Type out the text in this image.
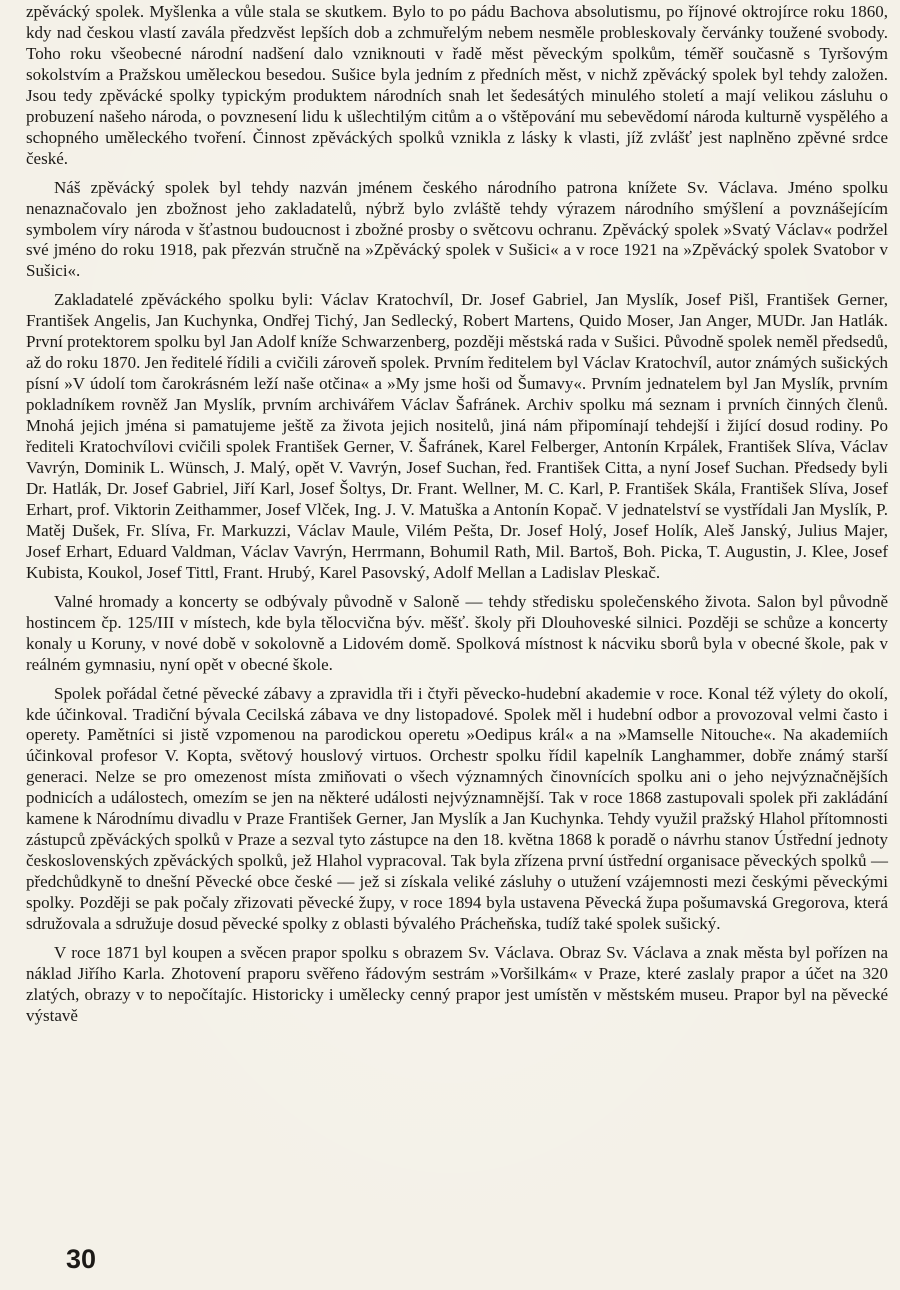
zpěvácký spolek. Myšlenka a vůle stala se skutkem. Bylo to po pádu Bachova absolutismu, po říjnové oktrojírce roku 1860, kdy nad českou vlastí zavála předzvěst lepších dob a zchmuřelým nebem nesměle probleskovaly červánky toužené svobody. Toho roku všeobecné národní nadšení dalo vzniknouti v řadě měst pěveckým spolkům, téměř současně s Tyršovým sokolstvím a Pražskou uměleckou besedou. Sušice byla jedním z předních měst, v nichž zpěvácký spolek byl tehdy založen. Jsou tedy zpěvácké spolky typickým produktem národních snah let šedesátých minulého století a mají velikou zásluhu o probuzení našeho národa, o povznesení lidu k ušlechtilým citům a o vštěpování mu sebevědomí národa kulturně vyspělého a schopného uměleckého tvoření. Činnost zpěváckých spolků vznikla z lásky k vlasti, jíž zvlášť jest naplněno zpěvné srdce české.

Náš zpěvácký spolek byl tehdy nazván jménem českého národního patrona knížete Sv. Václava. Jméno spolku nenaznačovalo jen zbožnost jeho zakladatelů, nýbrž bylo zvláště tehdy výrazem národního smýšlení a povznášejícím symbolem víry národa v šťastnou budoucnost i zbožné prosby o světcovu ochranu. Zpěvácký spolek »Svatý Václav« podržel své jméno do roku 1918, pak přezván stručně na »Zpěvácký spolek v Sušici« a v roce 1921 na »Zpěvácký spolek Svatobor v Sušici«.

Zakladatelé zpěváckého spolku byli: Václav Kratochvíl, Dr. Josef Gabriel, Jan Myslík, Josef Pišl, František Gerner, František Angelis, Jan Kuchynka, Ondřej Tichý, Jan Sedlecký, Robert Martens, Quido Moser, Jan Anger, MUDr. Jan Hatlák. První protektorem spolku byl Jan Adolf kníže Schwarzenberg, později městská rada v Sušici. Původně spolek neměl předsedů, až do roku 1870. Jen ředitelé řídili a cvičili zároveň spolek. Prvním ředitelem byl Václav Kratochvíl, autor známých sušických písní »V údolí tom čarokrásném leží naše otčina« a »My jsme hoši od Šumavy«. Prvním jednatelem byl Jan Myslík, prvním pokladníkem rovněž Jan Myslík, prvním archivářem Václav Šafránek. Archiv spolku má seznam i prvních činných členů. Mnohá jejich jména si pamatujeme ještě za života jejich nositelů, jiná nám připomínají tehdejší i žijící dosud rodiny. Po řediteli Kratochvílovi cvičili spolek František Gerner, V. Šafránek, Karel Felberger, Antonín Krpálek, František Slíva, Václav Vavrýn, Dominik L. Wünsch, J. Malý, opět V. Vavrýn, Josef Suchan, řed. František Citta, a nyní Josef Suchan. Předsedy byli Dr. Hatlák, Dr. Josef Gabriel, Jiří Karl, Josef Šoltys, Dr. Frant. Wellner, M. C. Karl, P. František Skála, František Slíva, Josef Erhart, prof. Viktorin Zeithammer, Josef Vlček, Ing. J. V. Matuška a Antonín Kopač. V jednatelství se vystřídali Jan Myslík, P. Matěj Dušek, Fr. Slíva, Fr. Markuzzi, Václav Maule, Vilém Pešta, Dr. Josef Holý, Josef Holík, Aleš Janský, Julius Majer, Josef Erhart, Eduard Valdman, Václav Vavrýn, Herrmann, Bohumil Rath, Mil. Bartoš, Boh. Picka, T. Augustin, J. Klee, Josef Kubista, Koukol, Josef Tittl, Frant. Hrubý, Karel Pasovský, Adolf Mellan a Ladislav Pleskač.

Valné hromady a koncerty se odbývaly původně v Saloně — tehdy středisku společenského života. Salon byl původně hostincem čp. 125/III v místech, kde byla tělocvična býv. měšť. školy při Dlouhoveské silnici. Později se schůze a koncerty konaly u Koruny, v nové době v sokolovně a Lidovém domě. Spolková místnost k nácviku sborů byla v obecné škole, pak v reálném gymnasiu, nyní opět v obecné škole.

Spolek pořádal četné pěvecké zábavy a zpravidla tři i čtyři pěvecko-hudební akademie v roce. Konal též výlety do okolí, kde účinkoval. Tradiční bývala Cecilská zábava ve dny listopadové. Spolek měl i hudební odbor a provozoval velmi často i operety. Pamětníci si jistě vzpomenou na parodickou operetu »Oedipus král« a na »Mamselle Nitouche«. Na akademiích účinkoval profesor V. Kopta, světový houslový virtuos. Orchestr spolku řídil kapelník Langhammer, dobře známý starší generaci. Nelze se pro omezenost místa zmiňovati o všech významných činovnících spolku ani o jeho nejvýznačnějších podnicích a událostech, omezím se jen na některé události nejvýznamnější. Tak v roce 1868 zastupovali spolek při zakládání kamene k Národnímu divadlu v Praze František Gerner, Jan Myslík a Jan Kuchynka. Tehdy využil pražský Hlahol přítomnosti zástupců zpěváckých spolků v Praze a sezval tyto zástupce na den 18. května 1868 k poradě o návrhu stanov Ústřední jednoty československých zpěváckých spolků, jež Hlahol vypracoval. Tak byla zřízena první ústřední organisace pěveckých spolků — předchůdkyně to dnešní Pěvecké obce české — jež si získala veliké zásluhy o utužení vzájemnosti mezi českými pěveckými spolky. Později se pak počaly zřizovati pěvecké župy, v roce 1894 byla ustavena Pěvecká župa pošumavská Gregorova, která sdružovala a sdružuje dosud pěvecké spolky z oblasti bývalého Prácheňska, tudíž také spolek sušický.

V roce 1871 byl koupen a svěcen prapor spolku s obrazem Sv. Václava. Obraz Sv. Václava a znak města byl pořízen na náklad Jiřího Karla. Zhotovení praporu svěřeno řádovým sestrám »Voršilkám« v Praze, které zaslaly prapor a účet na 320 zlatých, obrazy v to nepočítajíc. Historicky i umělecky cenný prapor jest umístěn v městském museu. Prapor byl na pěvecké výstavě

30
